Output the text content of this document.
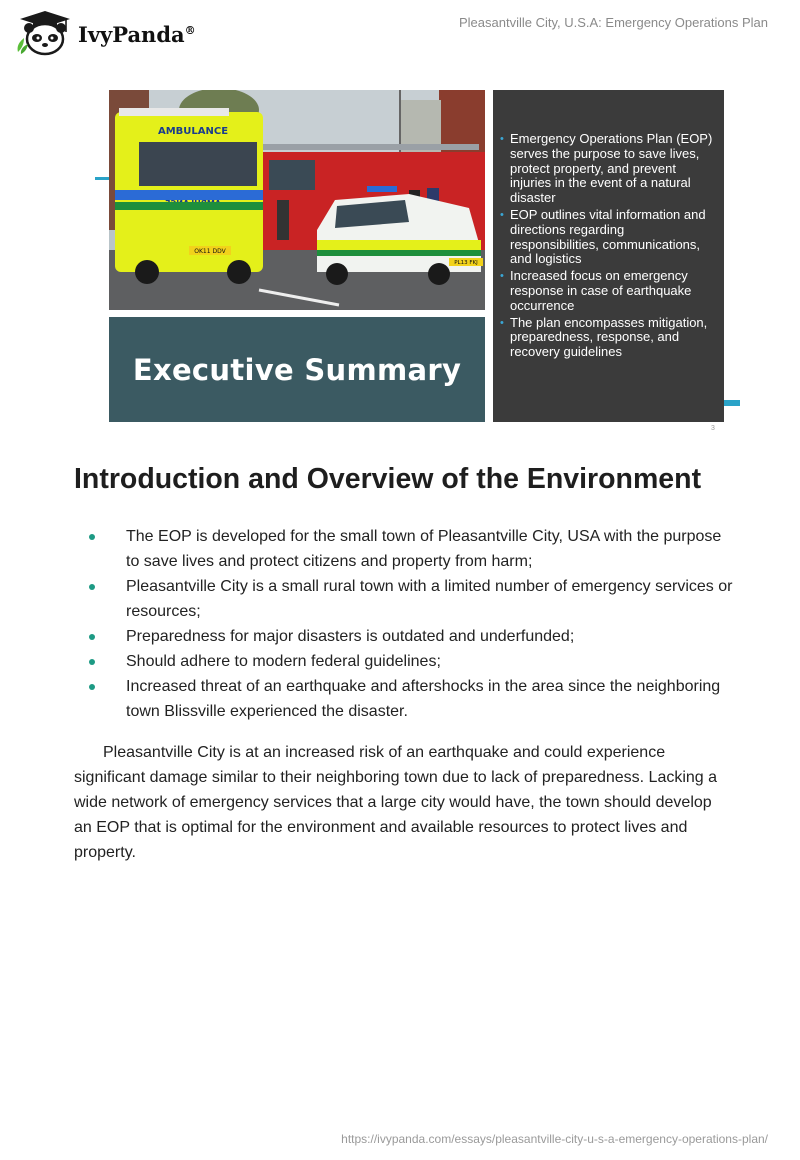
IvyPanda®	Pleasantville City, U.S.A: Emergency Operations Plan
AMBULANCE
OK11 DDV
PL13 FKJ
Executive Summary
• Emergency Operations Plan (EOP) serves the purpose to save lives, protect property, and prevent injuries in the event of a natural disaster
• EOP outlines vital information and directions regarding responsibilities, communications, and logistics
• Increased focus on emergency response in case of earthquake occurrence
• The plan encompasses mitigation, preparedness, response, and recovery guidelines
3
Introduction and Overview of the Environment
The EOP is developed for the small town of Pleasantville City, USA with the purpose to save lives and protect citizens and property from harm;
Pleasantville City is a small rural town with a limited number of emergency services or resources;
Preparedness for major disasters is outdated and underfunded;
Should adhere to modern federal guidelines;
Increased threat of an earthquake and aftershocks in the area since the neighboring town Blissville experienced the disaster.

Pleasantville City is at an increased risk of an earthquake and could experience significant damage similar to their neighboring town due to lack of preparedness. Lacking a wide network of emergency services that a large city would have, the town should develop an EOP that is optimal for the environment and available resources to protect lives and property.

https://ivypanda.com/essays/pleasantville-city-u-s-a-emergency-operations-plan/
